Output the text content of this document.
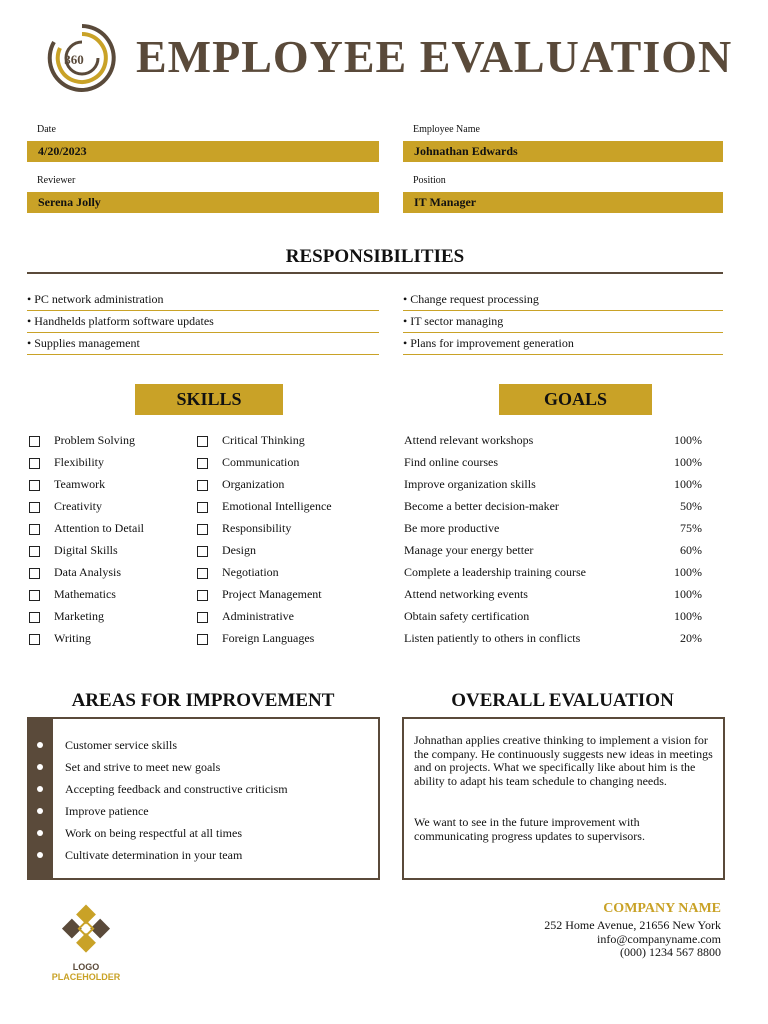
360 EMPLOYEE EVALUATION
Date
4/20/2023
Employee Name
Johnathan Edwards
Reviewer
Serena Jolly
Position
IT Manager
RESPONSIBILITIES
• PC network administration
• Handhelds platform software updates
• Supplies management
• Change request processing
• IT sector managing
• Plans for improvement generation
SKILLS	GOALS
Problem Solving
Flexibility
Teamwork
Creativity
Attention to Detail
Digital Skills
Data Analysis
Mathematics
Marketing
Writing
Critical Thinking
Communication
Organization
Emotional Intelligence
Responsibility
Design
Negotiation
Project Management
Administrative
Foreign Languages
Attend relevant workshops
Find online courses
Improve organization skills
Become a better decision-maker
Be more productive
Manage your energy better
Complete a leadership training course
Attend networking events
Obtain safety certification
Listen patiently to others in conflicts
100%
100%
100%
50%
75%
60%
100%
100%
100%
20%
AREAS FOR IMPROVEMENT
Customer service skills
Set and strive to meet new goals
Accepting feedback and constructive criticism
Improve patience
Work on being respectful at all times
Cultivate determination in your team
OVERALL EVALUATION
Johnathan applies creative thinking to implement a vision for the company. He continuously suggests new ideas in meetings and on projects. What we specifically like about him is the ability to adapt his team schedule to changing needs.
We want to see in the future improvement with communicating progress updates to supervisors.
LOGO
PLACEHOLDER
COMPANY NAME
252 Home Avenue, 21656 New York
info@companyname.com
(000) 1234 567 8800
